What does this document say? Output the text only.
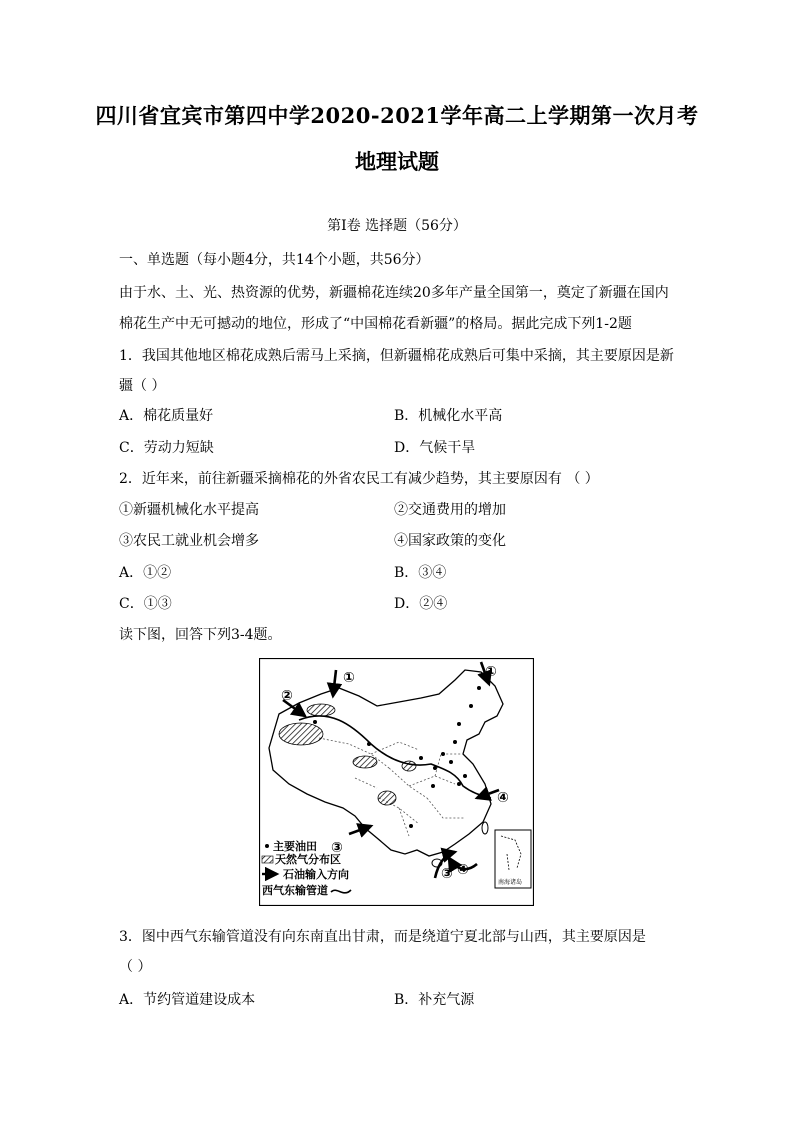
四川省宜宾市第四中学2020-2021学年高二上学期第一次月考
地理试题
第Ⅰ卷 选择题（56分）
一、单选题（每小题4分，共14个小题，共56分）
由于水、土、光、热资源的优势，新疆棉花连续20多年产量全国第一，奠定了新疆在国内
棉花生产中无可撼动的地位，形成了“中国棉花看新疆”的格局。据此完成下列1-2题
1．我国其他地区棉花成熟后需马上采摘，但新疆棉花成熟后可集中采摘，其主要原因是新
疆（ ）
A．棉花质量好	B．机械化水平高
C．劳动力短缺	D．气候干旱
2．近年来，前往新疆采摘棉花的外省农民工有减少趋势，其主要原因有 （ ）
①新疆机械化水平提高	②交通费用的增加
③农民工就业机会增多	④国家政策的变化
A．①②	B．③④
C．①③	D．②④
读下图，回答下列3-4题。
①
②
①
④
③
③ ④
南海诸岛
主要油田
天然气分布区
石油输入方向
西气东输管道
3．图中西气东输管道没有向东南直出甘肃，而是绕道宁夏北部与山西，其主要原因是
（ ）
A．节约管道建设成本	B．补充气源
